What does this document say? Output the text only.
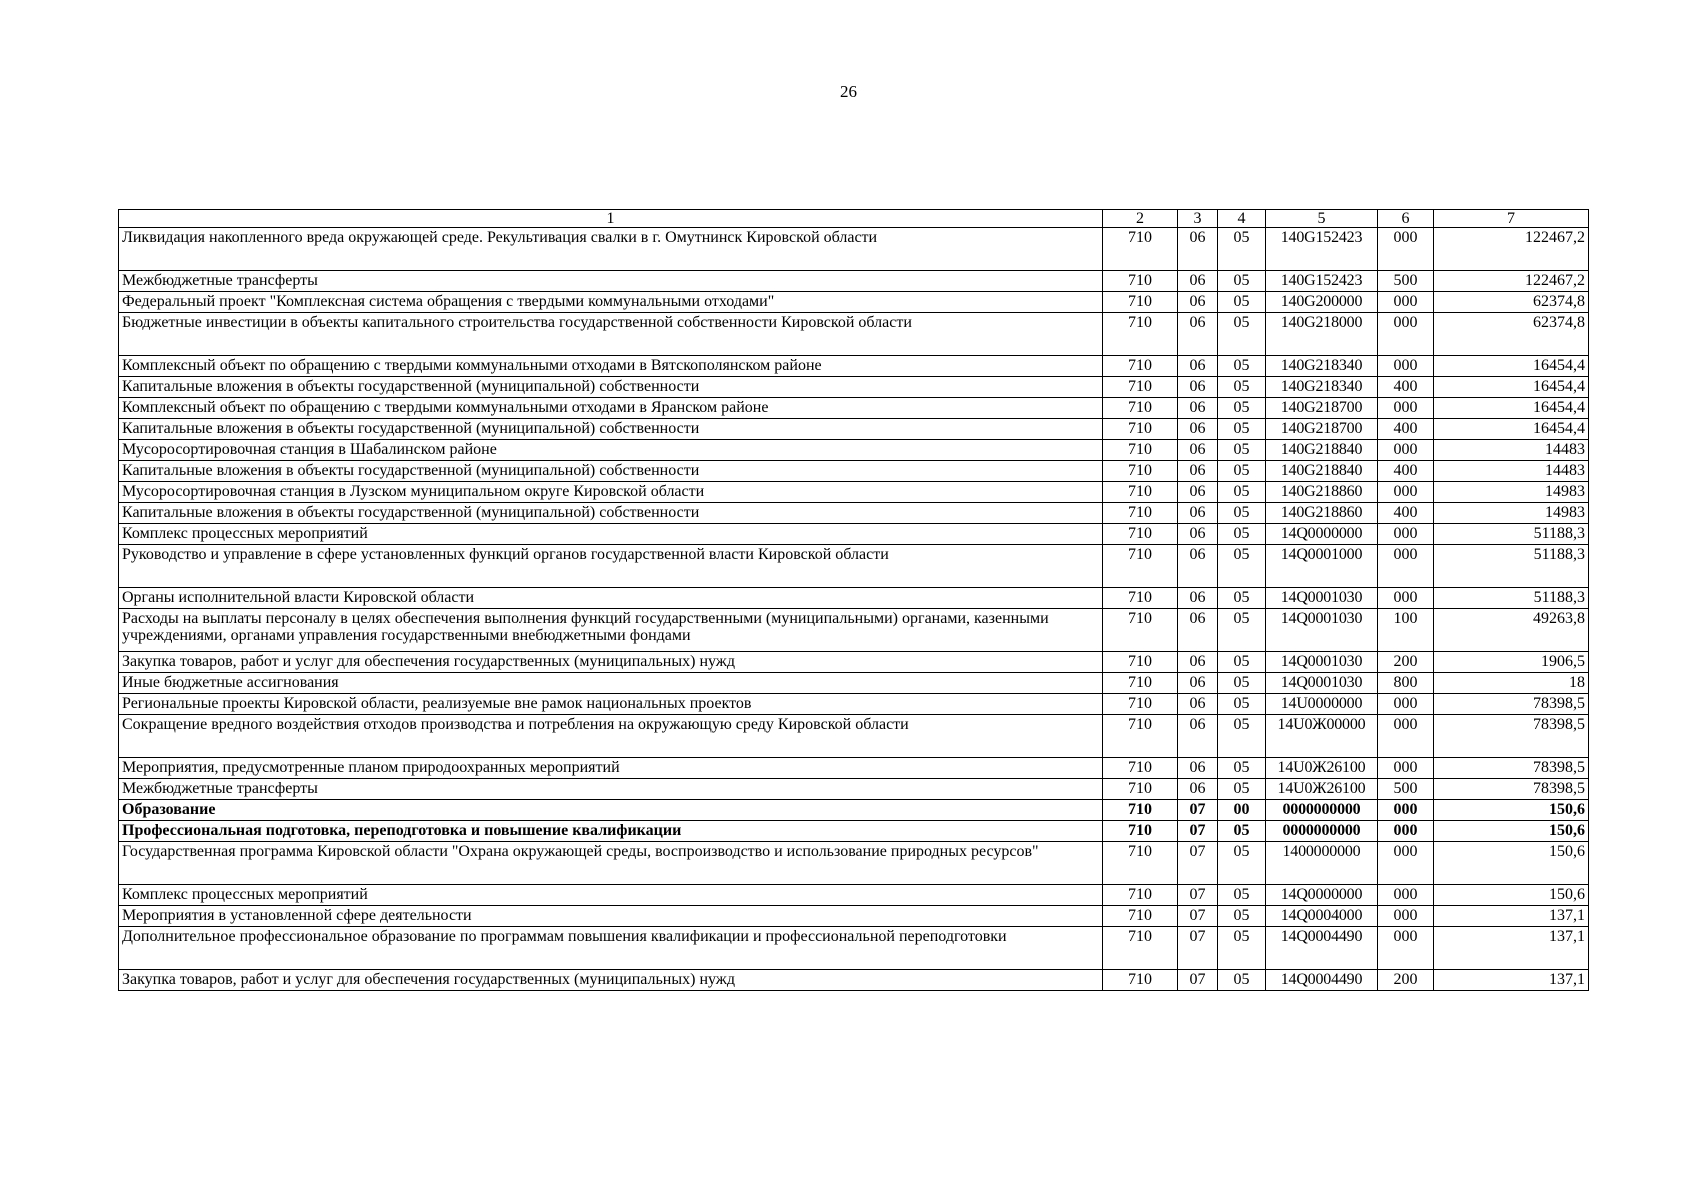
26
1	2	3	4	5	6	7
Ликвидация накопленного вреда окружающей среде. Рекультивация свалки в г. Омутнинск Кировской области	710	06	05	140G152423	000	122467,2
Межбюджетные трансферты	710	06	05	140G152423	500	122467,2
Федеральный проект "Комплексная система обращения с твердыми коммунальными отходами"	710	06	05	140G200000	000	62374,8
Бюджетные инвестиции в объекты капитального строительства государственной собственности Кировской области	710	06	05	140G218000	000	62374,8
Комплексный объект по обращению с твердыми коммунальными отходами в Вятскополянском районе	710	06	05	140G218340	000	16454,4
Капитальные вложения в объекты государственной (муниципальной) собственности	710	06	05	140G218340	400	16454,4
Комплексный объект по обращению с твердыми коммунальными отходами в Яранском районе	710	06	05	140G218700	000	16454,4
Капитальные вложения в объекты государственной (муниципальной) собственности	710	06	05	140G218700	400	16454,4
Мусоросортировочная станция в Шабалинском районе	710	06	05	140G218840	000	14483
Капитальные вложения в объекты государственной (муниципальной) собственности	710	06	05	140G218840	400	14483
Мусоросортировочная станция в Лузском муниципальном округе Кировской области	710	06	05	140G218860	000	14983
Капитальные вложения в объекты государственной (муниципальной) собственности	710	06	05	140G218860	400	14983
Комплекс процессных мероприятий	710	06	05	14Q0000000	000	51188,3
Руководство и управление в сфере установленных функций органов государственной власти Кировской области	710	06	05	14Q0001000	000	51188,3
Органы исполнительной власти Кировской области	710	06	05	14Q0001030	000	51188,3
Расходы на выплаты персоналу в целях обеспечения выполнения функций государственными (муниципальными) органами, казенными учреждениями, органами управления государственными внебюджетными фондами	710	06	05	14Q0001030	100	49263,8
Закупка товаров, работ и услуг для обеспечения государственных (муниципальных) нужд	710	06	05	14Q0001030	200	1906,5
Иные бюджетные ассигнования	710	06	05	14Q0001030	800	18
Региональные проекты Кировской области, реализуемые вне рамок национальных проектов	710	06	05	14U0000000	000	78398,5
Сокращение вредного воздействия отходов производства и потребления на окружающую среду Кировской области	710	06	05	14U0Ж00000	000	78398,5
Мероприятия, предусмотренные планом природоохранных мероприятий	710	06	05	14U0Ж26100	000	78398,5
Межбюджетные трансферты	710	06	05	14U0Ж26100	500	78398,5
Образование	710	07	00	0000000000	000	150,6
Профессиональная подготовка, переподготовка и повышение квалификации	710	07	05	0000000000	000	150,6
Государственная программа Кировской области "Охрана окружающей среды, воспроизводство и использование природных ресурсов"	710	07	05	1400000000	000	150,6
Комплекс процессных мероприятий	710	07	05	14Q0000000	000	150,6
Мероприятия в установленной сфере деятельности	710	07	05	14Q0004000	000	137,1
Дополнительное профессиональное образование по программам повышения квалификации и профессиональной переподготовки	710	07	05	14Q0004490	000	137,1
Закупка товаров, работ и услуг для обеспечения государственных (муниципальных) нужд	710	07	05	14Q0004490	200	137,1
